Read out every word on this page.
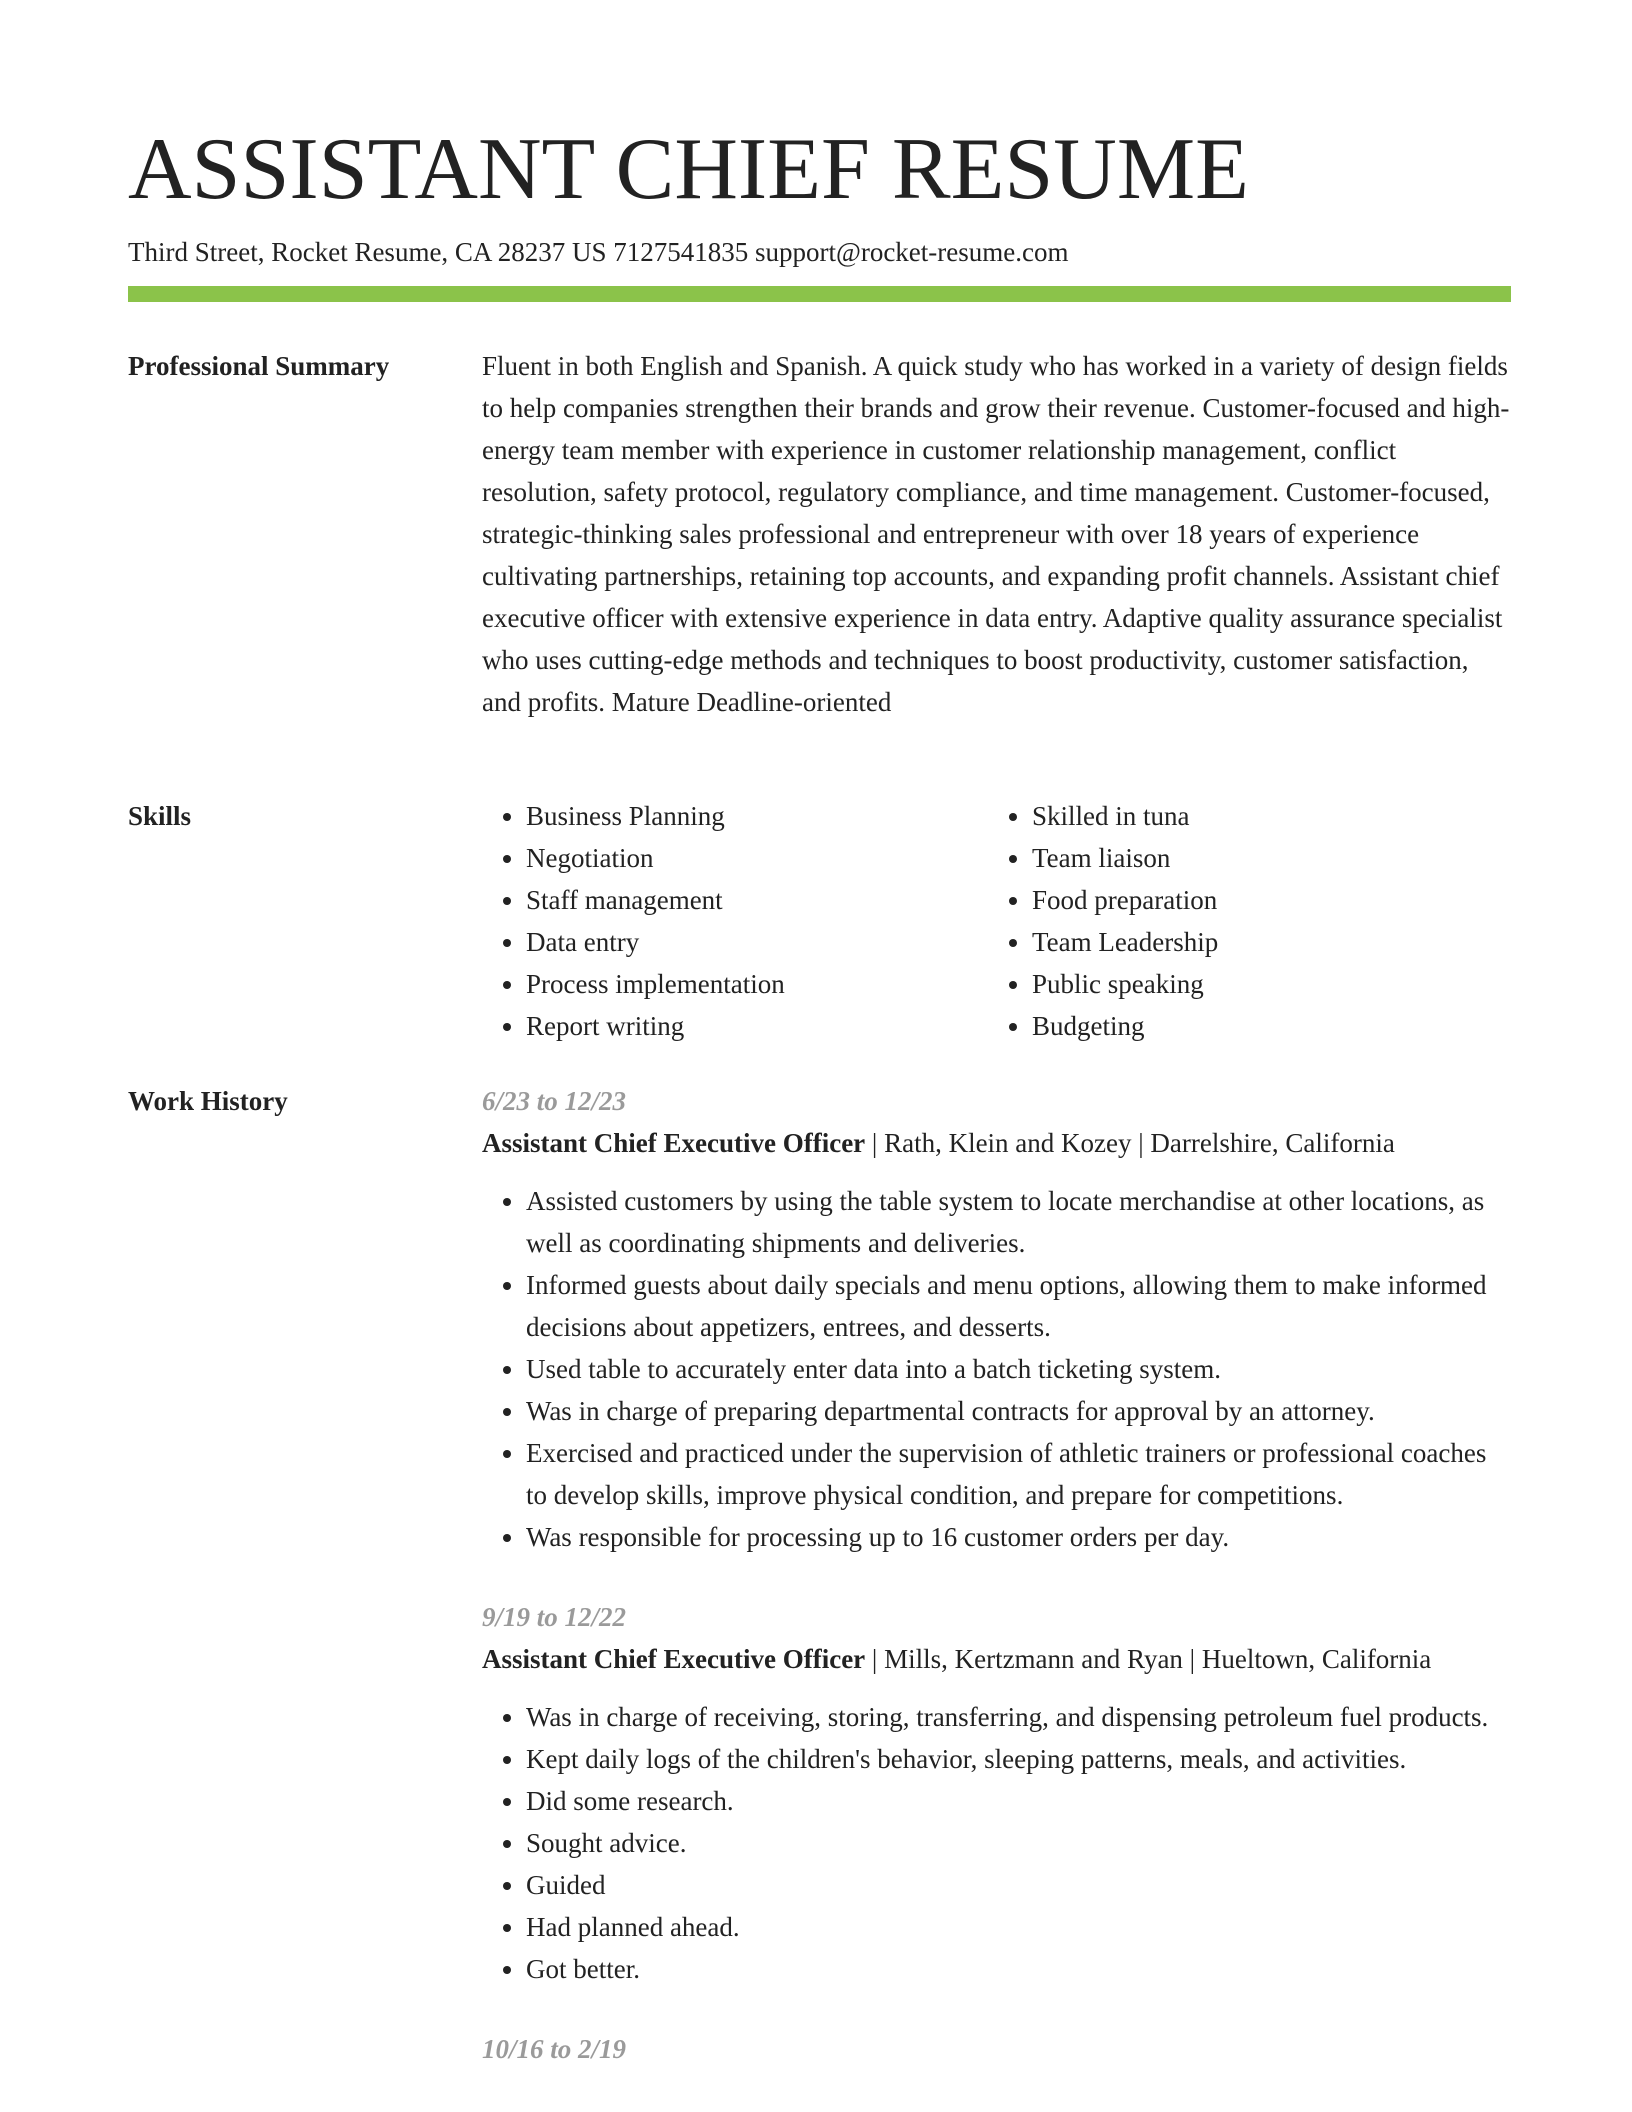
ASSISTANT CHIEF RESUME
Third Street, Rocket Resume, CA 28237 US 7127541835 support@rocket-resume.com
Professional Summary	Fluent in both English and Spanish. A quick study who has worked in a variety of design fields to help companies strengthen their brands and grow their revenue. Customer-focused and high-energy team member with experience in customer relationship management, conflict resolution, safety protocol, regulatory compliance, and time management. Customer-focused, strategic-thinking sales professional and entrepreneur with over 18 years of experience cultivating partnerships, retaining top accounts, and expanding profit channels. Assistant chief executive officer with extensive experience in data entry. Adaptive quality assurance specialist who uses cutting-edge methods and techniques to boost productivity, customer satisfaction, and profits. Mature Deadline-oriented

Skills
•	Business Planning
• Negotiation
• Staff management
• Data entry
• Process implementation
• Report writing
• Skilled in tuna
• Team liaison
• Food preparation
• Team Leadership
• Public speaking
• Budgeting
Work History	6/23 to 12/23
Assistant Chief Executive Officer | Rath, Klein and Kozey | Darrelshire, California
• Assisted customers by using the table system to locate merchandise at other locations, as well as coordinating shipments and deliveries.
• Informed guests about daily specials and menu options, allowing them to make informed decisions about appetizers, entrees, and desserts.
• Used table to accurately enter data into a batch ticketing system.
• Was in charge of preparing departmental contracts for approval by an attorney.
• Exercised and practiced under the supervision of athletic trainers or professional coaches to develop skills, improve physical condition, and prepare for competitions.
• Was responsible for processing up to 16 customer orders per day.
9/19 to 12/22
Assistant Chief Executive Officer | Mills, Kertzmann and Ryan | Hueltown, California
• Was in charge of receiving, storing, transferring, and dispensing petroleum fuel products.
• Kept daily logs of the children's behavior, sleeping patterns, meals, and activities.
• Did some research.
• Sought advice.
• Guided
• Had planned ahead.
• Got better.
10/16 to 2/19
